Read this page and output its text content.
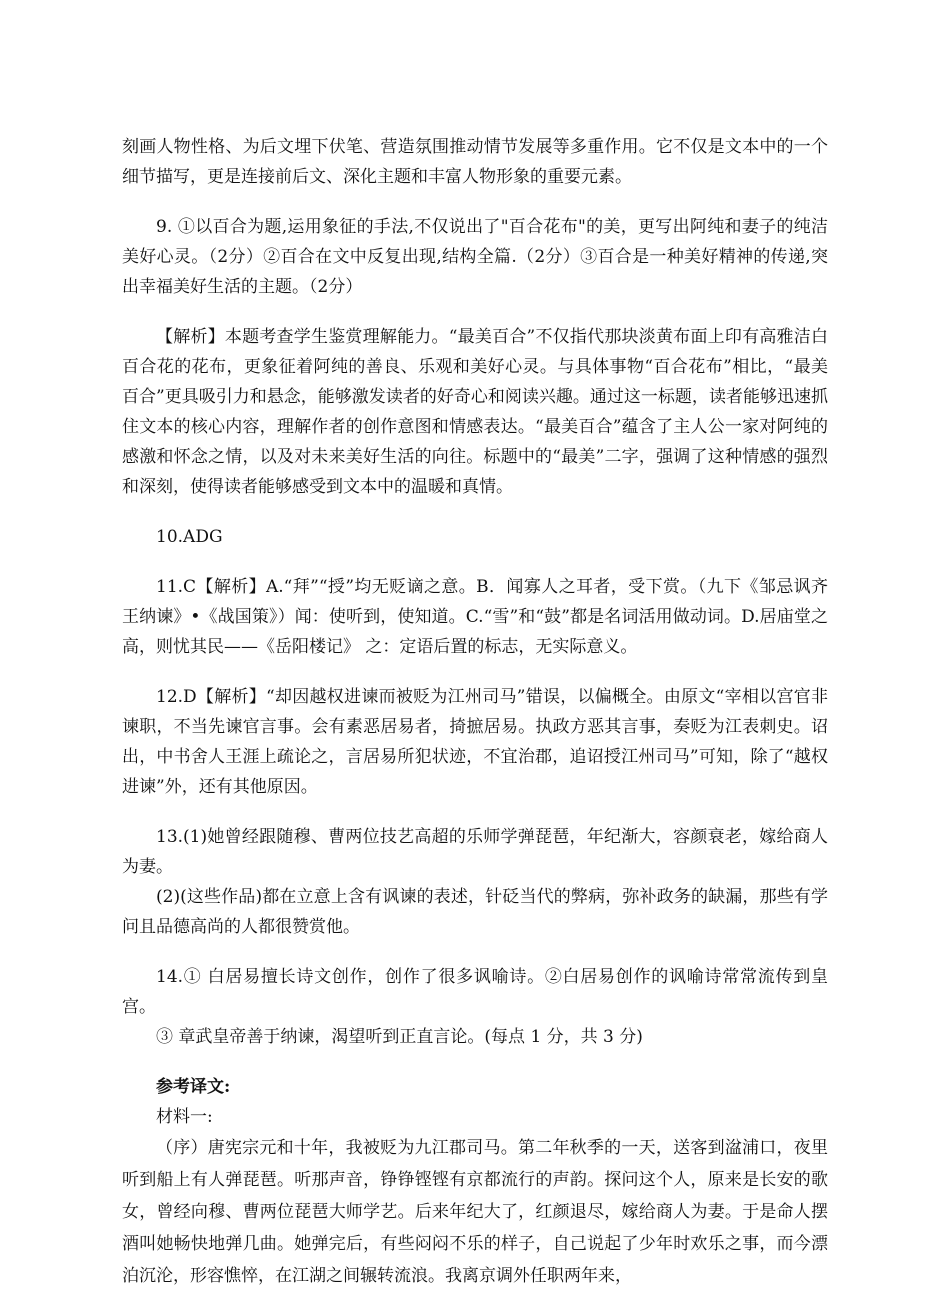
刻画人物性格、为后文埋下伏笔、营造氛围推动情节发展等多重作用。它不仅是文本中的一个细节描写，更是连接前后文、深化主题和丰富人物形象的重要元素。

9. ①以百合为题,运用象征的手法,不仅说出了"百合花布"的美，更写出阿纯和妻子的纯洁美好心灵。（2分）②百合在文中反复出现,结构全篇.（2分）③百合是一种美好精神的传递,突出幸福美好生活的主题。（2分）

【解析】本题考查学生鉴赏理解能力。“最美百合”不仅指代那块淡黄布面上印有高雅洁白百合花的花布，更象征着阿纯的善良、乐观和美好心灵。与具体事物“百合花布”相比，“最美百合”更具吸引力和悬念，能够激发读者的好奇心和阅读兴趣。通过这一标题，读者能够迅速抓住文本的核心内容，理解作者的创作意图和情感表达。“最美百合”蕴含了主人公一家对阿纯的感激和怀念之情，以及对未来美好生活的向往。标题中的“最美”二字，强调了这种情感的强烈和深刻，使得读者能够感受到文本中的温暖和真情。

10.ADG

11.C【解析】A.“拜”“授”均无贬谪之意。B．闻寡人之耳者，受下赏。（九下《邹忌讽齐王纳谏》•《战国策》）闻：使听到，使知道。C.“雪”和“鼓”都是名词活用做动词。D.居庙堂之高，则忧其民——《岳阳楼记》 之：定语后置的标志，无实际意义。

12.D【解析】“却因越权进谏而被贬为江州司马”错误，以偏概全。由原文“宰相以宫官非谏职，不当先谏官言事。会有素恶居易者，掎摭居易。执政方恶其言事，奏贬为江表刺史。诏出，中书舍人王涯上疏论之，言居易所犯状迹，不宜治郡，追诏授江州司马”可知，除了“越权进谏”外，还有其他原因。

13.(1)她曾经跟随穆、曹两位技艺高超的乐师学弹琵琶，年纪渐大，容颜衰老，嫁给商人为妻。

(2)(这些作品)都在立意上含有讽谏的表述，针砭当代的弊病，弥补政务的缺漏，那些有学问且品德高尚的人都很赞赏他。

14.① 白居易擅长诗文创作，创作了很多讽喻诗。②白居易创作的讽喻诗常常流传到皇宫。

③ 章武皇帝善于纳谏，渴望听到正直言论。(每点 1 分，共 3 分)

参考译文:

材料一:

（序）唐宪宗元和十年，我被贬为九江郡司马。第二年秋季的一天，送客到湓浦口，夜里听到船上有人弹琵琶。听那声音，铮铮铿铿有京都流行的声韵。探问这个人，原来是长安的歌女，曾经向穆、曹两位琵琶大师学艺。后来年纪大了，红颜退尽，嫁给商人为妻。于是命人摆酒叫她畅快地弹几曲。她弹完后，有些闷闷不乐的样子，自己说起了少年时欢乐之事，而今漂泊沉沦，形容憔悴，在江湖之间辗转流浪。我离京调外任职两年来，
